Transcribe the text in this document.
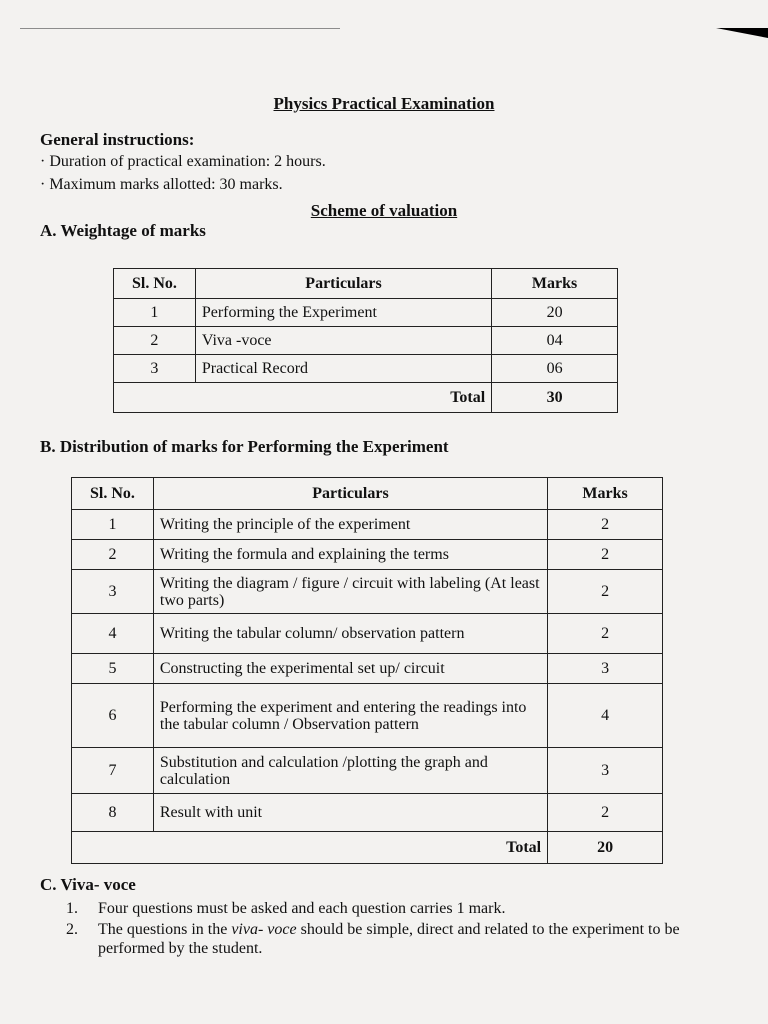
Physics Practical Examination
General instructions:
· Duration of practical examination: 2 hours.
· Maximum marks allotted: 30 marks.
Scheme of valuation
A. Weightage of marks
Sl. No.	Particulars	Marks
1	Performing the Experiment	20
2	Viva -voce	04
3	Practical Record	06
Total		30
B. Distribution of marks for Performing the Experiment
Sl. No.	Particulars	Marks
1	Writing the principle of the experiment	2
2	Writing the formula and explaining the terms	2
3	Writing the diagram / figure / circuit with labeling (At least two parts)	2
4	Writing the tabular column/ observation pattern	2
5	Constructing the experimental set up/ circuit	3
6	Performing the experiment and entering the readings into the tabular column / Observation pattern	4
7	Substitution and calculation /plotting the graph and calculation	3
8	Result with unit	2
Total		20
C. Viva- voce
1.	Four questions must be asked and each question carries 1 mark.
2.	The questions in the viva- voce should be simple, direct and related to the experiment to be performed by the student.
